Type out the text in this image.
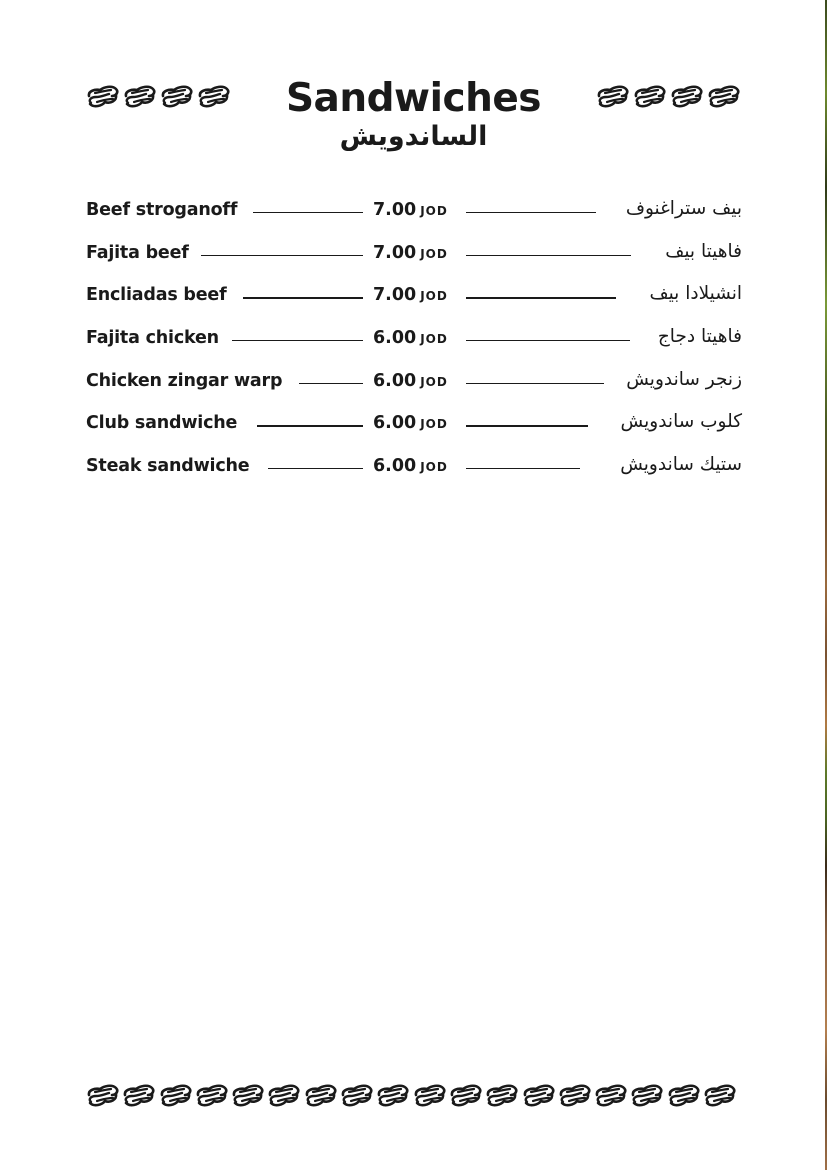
Sandwiches
الساندويش
Beef stroganoff	7.00 JOD	بيف ستراغنوف
Fajita beef	7.00 JOD	فاهيتا بيف
Encliadas beef	7.00 JOD	انشيلادا بيف
Fajita chicken	6.00 JOD	فاهيتا دجاج
Chicken zingar warp	6.00 JOD	زنجر ساندويش
Club sandwiche	6.00 JOD	كلوب ساندويش
Steak sandwiche	6.00 JOD	ستيك ساندويش
